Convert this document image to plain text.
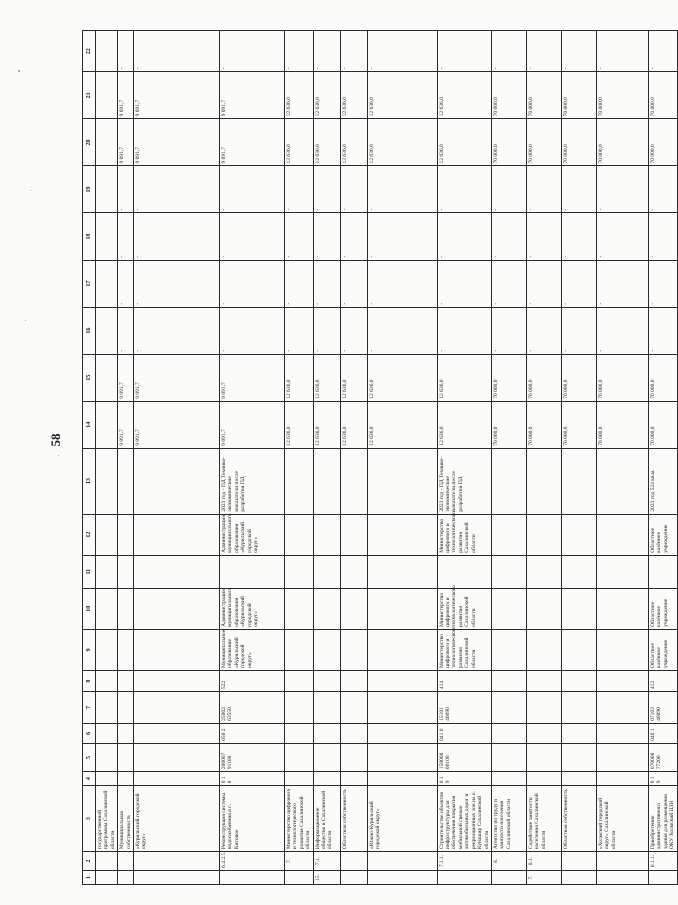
58
1	2	3	4	5	6	7	8	9	10	11	12	13	14	15	16	17	18	19	20	21	22
		государственной программы Сахалинской области																			
		Муниципальная собственность											9 091,7	9 091,7	-	-	-	-	9 091,7	9 091,7	-
		«Курильский городской округ»											9 091,7	9 091,7	-	-	-	-	9 091,7	9 091,7	-
	6.4.2.1.	Реконструкция системы водоснабжения в с. Китовое	0 1 8	200007 91100	050 2	25002 63550	522	Муниципальное образование «Курильский городской округ»	Администрация муниципального образования «Курильский городской округ»		Администрация муниципального образования «Курильский городской округ»	2023 год - ПД Технико-экономические показатели после разработки ПД	9 091,7	9 091,7	-	-	-	-	9 091,7	9 091,7	-
	7.	Министерство цифрового и технологического развития Сахалинской области											12 636,0	12 636,0	-	-	-	-	12 636,0	12 636,0	-
15.	7.1.	Информационное общество в Сахалинской области											12 636,0	12 636,0	-	-	-	-	12 636,0	12 636,0	-
		Областная собственность											12 636,0	12 636,0	-	-	-	-	12 636,0	12 636,0	-
		«Южно-Курильский городской округ»											12 636,0	12 636,0	-	-	-	-	12 636,0	12 636,0	-
	7.1.1.	Строительство объектов инфраструктуры для обеспечения покрытия мобильной связью автомобильных дорог и рекреационных зон на о. Кунашир Сахалинской области	0 1 9	150008 00100	041 0	15101 40090	414	Министерство цифрового и технологического развития Сахалинской области	Министерство цифрового и технологического развития Сахалинской области		Министерство цифрового и технологического развития Сахалинской области	2023 год - ПД Технико-экономические показатели после разработки ПД	12 636,0	12 636,0	-	-	-	-	12 636,0	12 636,0	-
	8.	Агентство по труду и занятости населения Сахалинской области											70 000,0	70 000,0	-	-	-	-	70 000,0	70 000,0	-
7.	8.1.	Содействие занятости населения Сахалинской области											70 000,0	70 000,0	-	-	-	-	70 000,0	70 000,0	-
		Областная собственность											70 000,0	70 000,0	-	-	-	-	70 000,0	70 000,0	-
		«Холмский городской округ» Сахалинской области											70 000,0	70 000,0	-	-	-	-	70 000,0	70 000,0	-
	8.1.1.	Приобретение административного здания для размещения ОКУ Холмский ЦЗН	0 1 9	070008 77200	040 1	07103 40090	412	Областное казённое учреждение	Областное казённое учреждение		Областное казённое учреждение	2023 год 524 кв.м.	70 000,0	70 000,0	-	-	-	-	70 000,0	70 000,0	-
